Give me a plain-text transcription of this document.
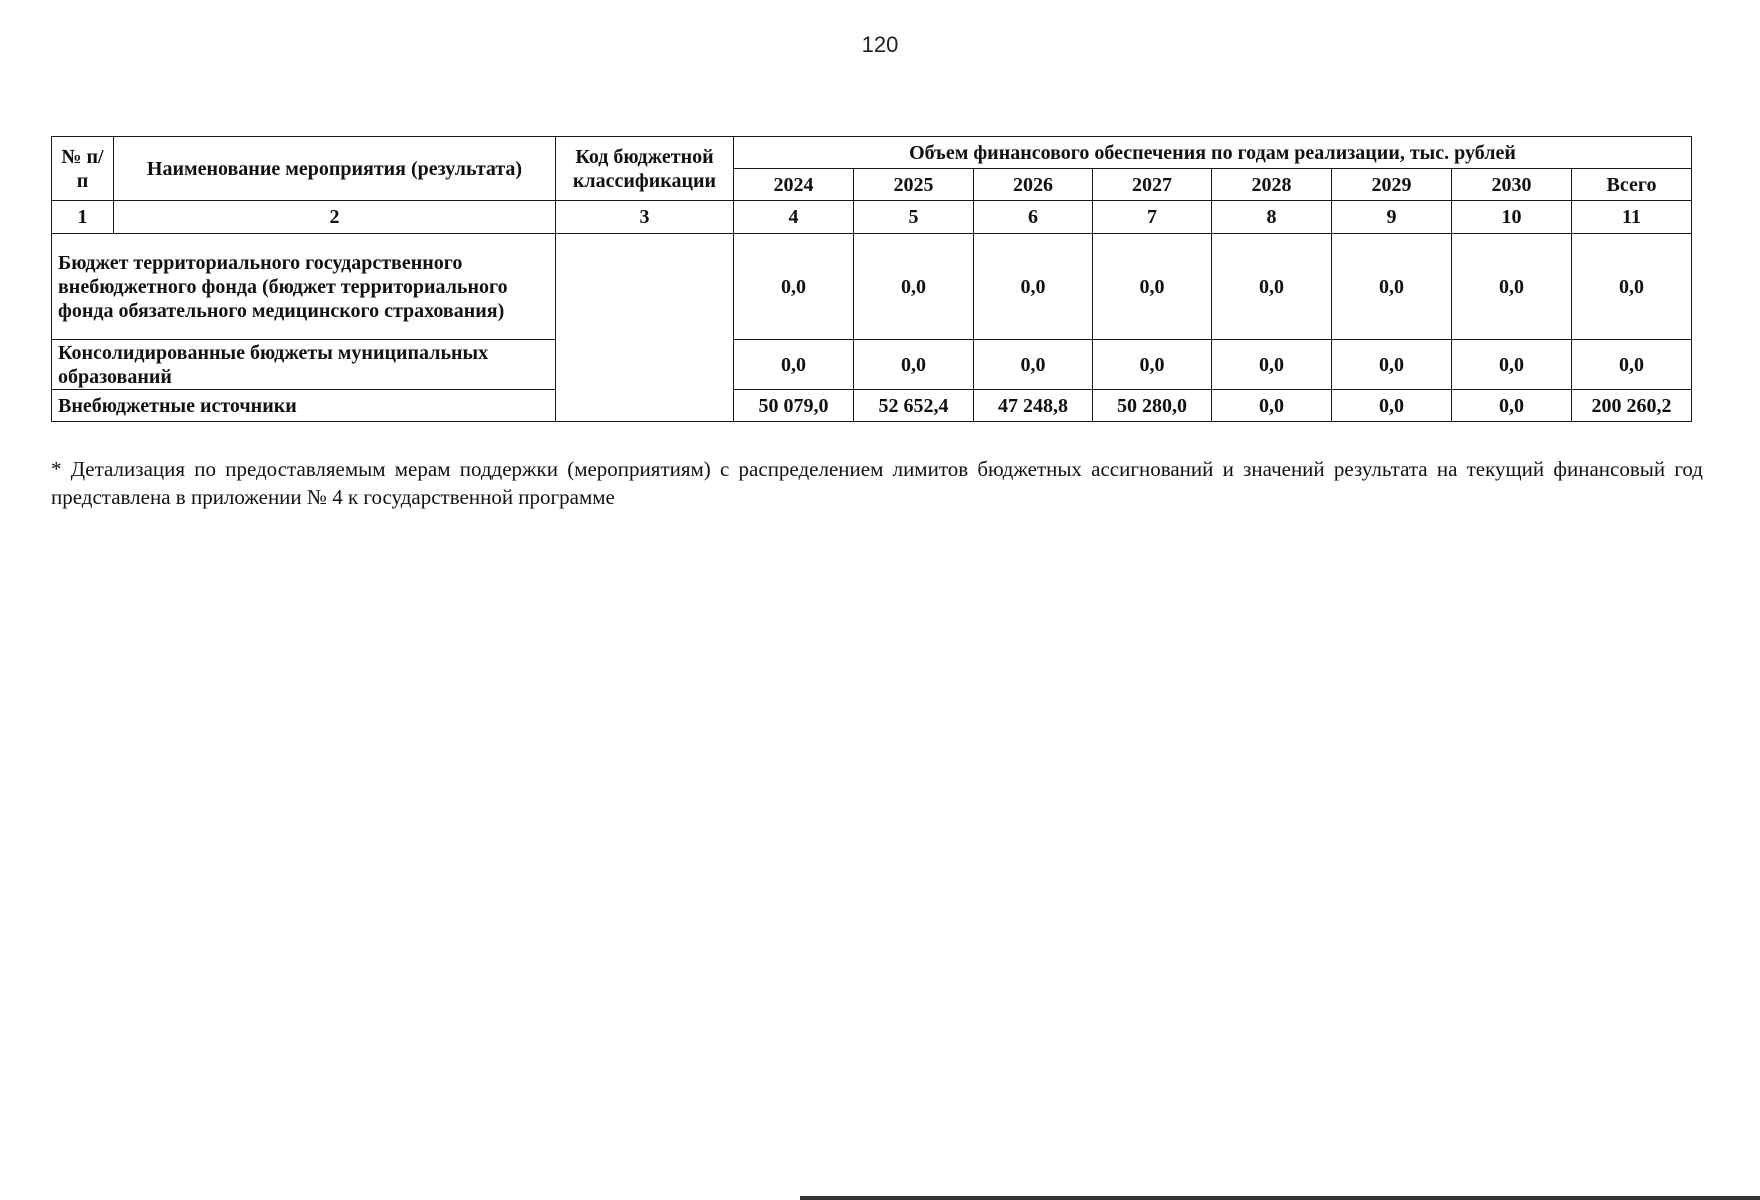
120
№ п/п	Наименование мероприятия (результата)	Код бюджетной классификации	Объем финансового обеспечения по годам реализации, тыс. рублей							
			2024	2025	2026	2027	2028	2029	2030	Всего
1	2	3	4	5	6	7	8	9	10	11
Бюджет территориального государственного внебюджетного фонда (бюджет территориального фонда обязательного медицинского страхования)			0,0	0,0	0,0	0,0	0,0	0,0	0,0	0,0
Консолидированные бюджеты муниципальных образований			0,0	0,0	0,0	0,0	0,0	0,0	0,0	0,0
Внебюджетные источники			50 079,0	52 652,4	47 248,8	50 280,0	0,0	0,0	0,0	200 260,2
* Детализация по предоставляемым мерам поддержки (мероприятиям) с распределением лимитов бюджетных ассигнований и значений результата на текущий финансовый год представлена в приложении № 4 к государственной программе
